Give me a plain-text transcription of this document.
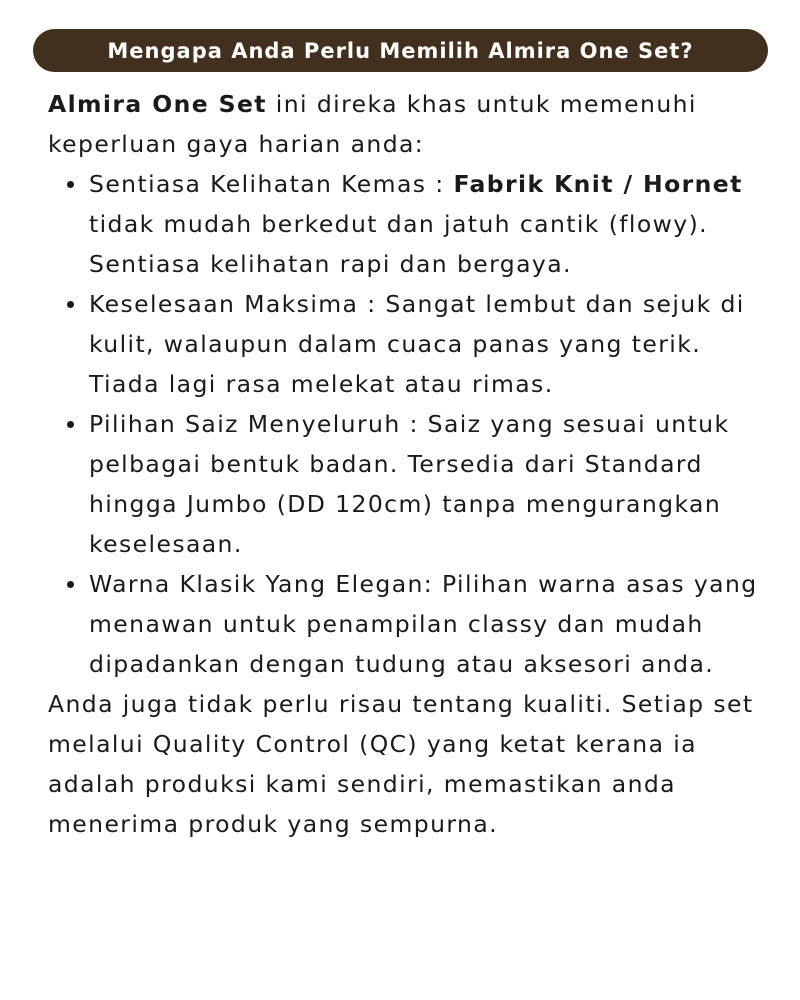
Mengapa Anda Perlu Memilih Almira One Set?

Almira One Set ini direka khas untuk memenuhi keperluan gaya harian anda:

Sentiasa Kelihatan Kemas : Fabrik Knit / Hornet tidak mudah berkedut dan jatuh cantik (flowy). Sentiasa kelihatan rapi dan bergaya.
Keselesaan Maksima : Sangat lembut dan sejuk di kulit, walaupun dalam cuaca panas yang terik. Tiada lagi rasa melekat atau rimas.
Pilihan Saiz Menyeluruh : Saiz yang sesuai untuk pelbagai bentuk badan. Tersedia dari Standard hingga Jumbo (DD 120cm) tanpa mengurangkan keselesaan.
Warna Klasik Yang Elegan: Pilihan warna asas yang menawan untuk penampilan classy dan mudah dipadankan dengan tudung atau aksesori anda.

Anda juga tidak perlu risau tentang kualiti. Setiap set melalui Quality Control (QC) yang ketat kerana ia adalah produksi kami sendiri, memastikan anda menerima produk yang sempurna.
